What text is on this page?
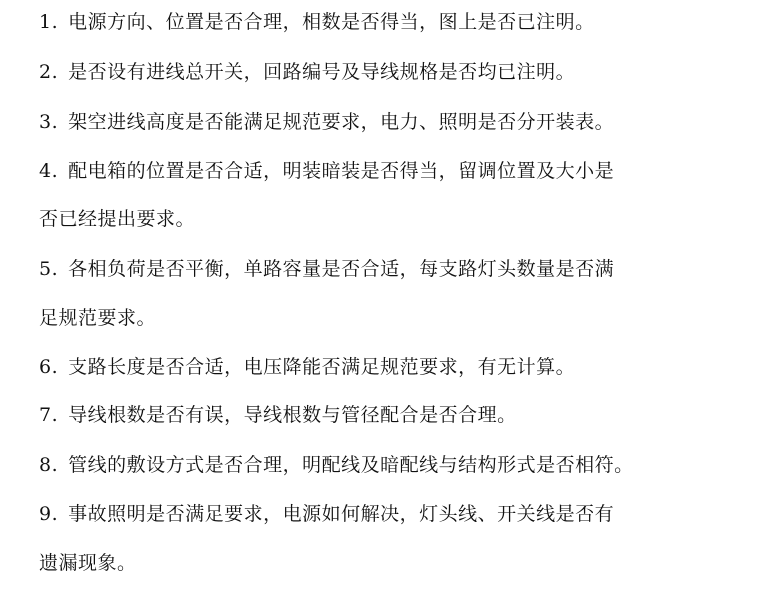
1. 电源方向、位置是否合理，相数是否得当，图上是否已注明。
2. 是否设有进线总开关，回路编号及导线规格是否均已注明。
3. 架空进线高度是否能满足规范要求，电力、照明是否分开装表。
4. 配电箱的位置是否合适，明装暗装是否得当，留调位置及大小是
否已经提出要求。
5. 各相负荷是否平衡，单路容量是否合适，每支路灯头数量是否满
足规范要求。
6. 支路长度是否合适，电压降能否满足规范要求，有无计算。
7. 导线根数是否有误，导线根数与管径配合是否合理。
8. 管线的敷设方式是否合理，明配线及暗配线与结构形式是否相符。
9. 事故照明是否满足要求，电源如何解决，灯头线、开关线是否有
遗漏现象。
